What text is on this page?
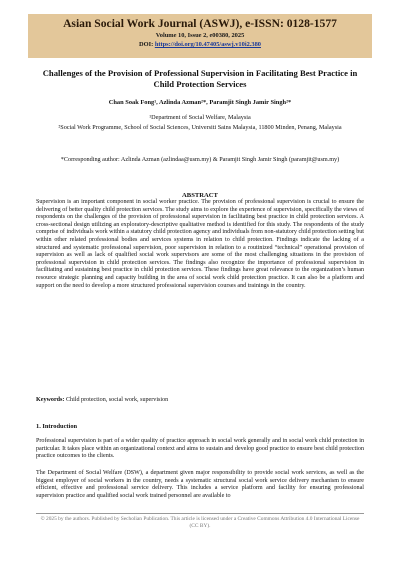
Asian Social Work Journal (ASWJ), e-ISSN: 0128-1577
Volume 10, Issue 2, e00380, 2025
DOI: https://doi.org/10.47405/aswj.v10i2.380
Challenges of the Provision of Professional Supervision in Facilitating Best Practice in Child Protection Services
Chan Soak Fong¹, Azlinda Azman²*, Paramjit Singh Jamir Singh²*
¹Department of Social Welfare, Malaysia
²Social Work Programme, School of Social Sciences, Universiti Sains Malaysia, 11800 Minden, Penang, Malaysia
*Corresponding author: Azlinda Azman (azlindaa@usm.my) & Paramjit Singh Jamir Singh (paramjit@usm.my)
ABSTRACT
Supervision is an important component in social worker practice. The provision of professional supervision is crucial to ensure the delivering of better quality child protection services. The study aims to explore the experience of supervision, specifically the views of respondents on the challenges of the provision of professional supervision in facilitating best practice in child protection services. A cross-sectional design utilizing an exploratory-descriptive qualitative method is identified for this study. The respondents of the study comprise of individuals work within a statutory child protection agency and individuals from non-statutory child protection setting but within other related professional bodies and services systems in relation to child protection. Findings indicate the lacking of a structured and systematic professional supervision, poor supervision in relation to a routinized “technical” operational provision of supervision as well as lack of qualified social work supervisors are some of the most challenging situations in the provision of professional supervision in child protection services. The findings also recognize the importance of professional supervision in facilitating and sustaining best practice in child protection services. These findings have great relevance to the organization’s human resource strategic planning and capacity building in the area of social work child protection practice. It can also be a platform and support on the need to develop a more structured professional supervision courses and trainings in the country.
Keywords: Child protection, social work, supervision
1. Introduction

Professional supervision is part of a wider quality of practice approach in social work generally and in social work child protection in particular. It takes place within an organizational context and aims to sustain and develop good practice to ensure best child protection practice outcomes to the clients.

The Department of Social Welfare (DSW), a department given major responsibility to provide social work services, as well as the biggest employer of social workers in the country, needs a systematic structural social work service delivery mechanism to ensure efficient, effective and professional service delivery. This includes a service platform and facility for ensuring professional supervision practice and qualified social work trained personnel are available to

© 2025 by the authors. Published by Secholian Publication. This article is licensed under a Creative Commons Attribution 4.0 International License (CC BY).
